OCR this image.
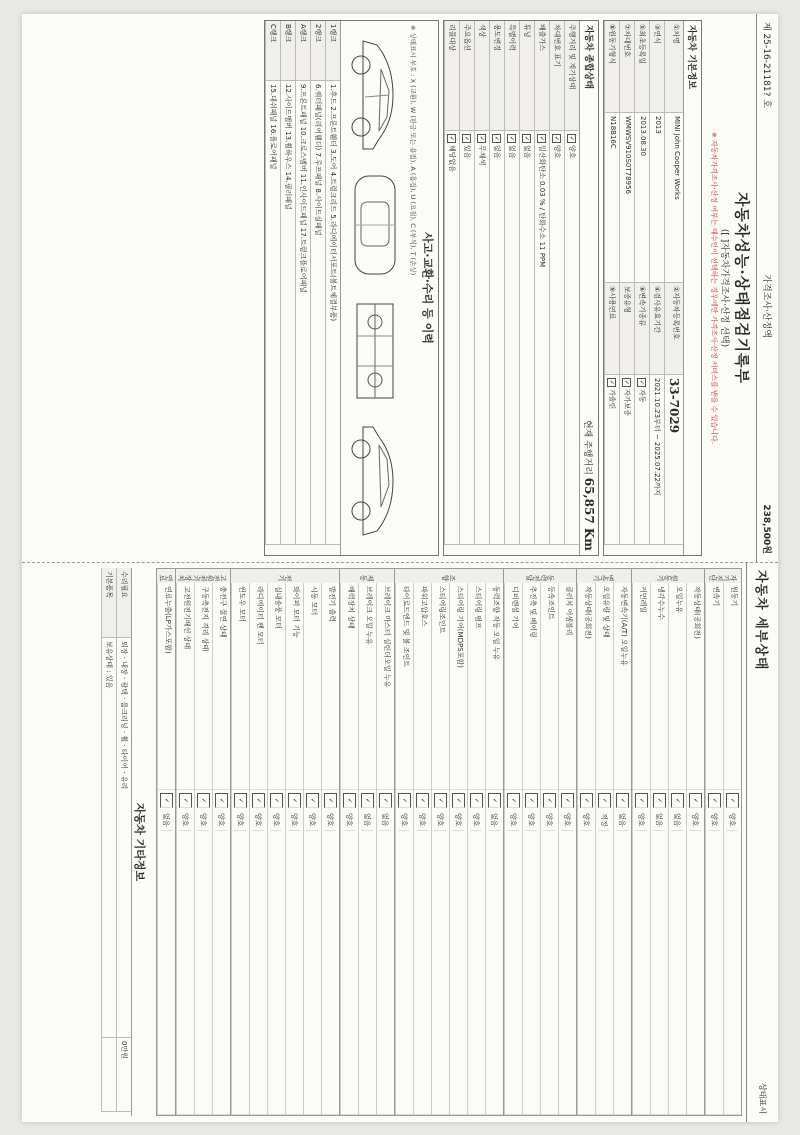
제 25-16-21181? 호
가격조사·산정액
238,500원
자동차성능·상태점검기록부
([ ]자동차가격조사·산정 선택)
※ 자동차가격조사·산정 여부는 매수인이 선택하는 경우에만 가격조사·산정 서비스를 받을 수 있습니다.
자동차 기본정보
①차명
MINI John Cooper Works
②자동차등록번호
33-7029
③연식
2013
④검사유효기간
2021.10.23부터 ~ 2025.07.22까지
⑤최초등록일
2013.08.30
⑥변속기종류
✓자동
⑦차대번호
WMWSV910S0T78956
보증유형
✓자가보증
⑧원동기형식
N18B16C
⑨사용연료
✓가솔린
자동차 종합상태
현재 주행거리 65,857 Km
주행거리 및 계기상태
✓양호
차대번호 표기
✓양호
배출가스
✓일산화탄소 0.03 % / 탄화수소 11 PPM
튜닝
✓없음
특별이력
✓없음
용도변경
✓없음
색상
✓무채색
주요옵션
✓있음
리콜대상
✓해당없음
사고·교환·수리 등 이력
※ 상태표시 부호 : X (교환), W (판금 또는 용접), A (흠집), U (요철), C (부식), T (손상)
1랭크
1.후드 2.프론트휀더 3.도어 4.트렁크리드 5.라디에이터서포트(볼트체결부품)
2랭크
6.쿼터패널(리어휀더) 7.루프패널 8.사이드실패널
A랭크
9.프론트패널 10.크로스멤버 11.인사이드패널 17.트렁크플로어패널
B랭크
12.사이드멤버 13.휠하우스 14.필러패널
C랭크
15.대쉬패널 16.플로어패널
자동차 세부상태
상태표시
자기진단
원동기
✓양호
변속기
✓양호
원동기
작동상태(공회전)
✓양호
오일누유
✓없음
냉각수누수
✓없음
커먼레일
✓양호
변속기
자동변속기(A/T) 오일누유
✓없음
오일유량 및 상태
✓적정
작동상태(공회전)
✓양호
동력전달
클러치 어셈블리
✓양호
등속조인트
✓양호
추진축 및 베어링
✓양호
디퍼렌셜 기어
✓양호
조향
동력조향 작동 오일 누유
✓없음
스티어링 펌프
✓양호
스티어링 기어(MDPS포함)
✓양호
스티어링조인트
✓양호
파워고압호스
✓양호
타이로드엔드 및 볼 조인트
✓양호
제동
브레이크 마스터 실린더오일 누유
✓없음
브레이크 오일 누유
✓없음
배력장치 상태
✓양호
전기
발전기 출력
✓양호
시동 모터
✓양호
와이퍼 모터 기능
✓양호
실내송풍 모터
✓양호
라디에이터 팬 모터
✓양호
윈도우 모터
✓양호
고전원전기장치
충전구 절연 상태
✓양호
구동축전지 격리 상태
✓양호
고전원전기배선 상태
✓양호
연료
연료누출(LP가스포함)
✓없음
자동차 기타정보
수리필요
외장 · 내장 · 광택 · 룸크리닝 · 휠 · 타이어 · 유리
0만원
기본품목
보유상태 : 있음
